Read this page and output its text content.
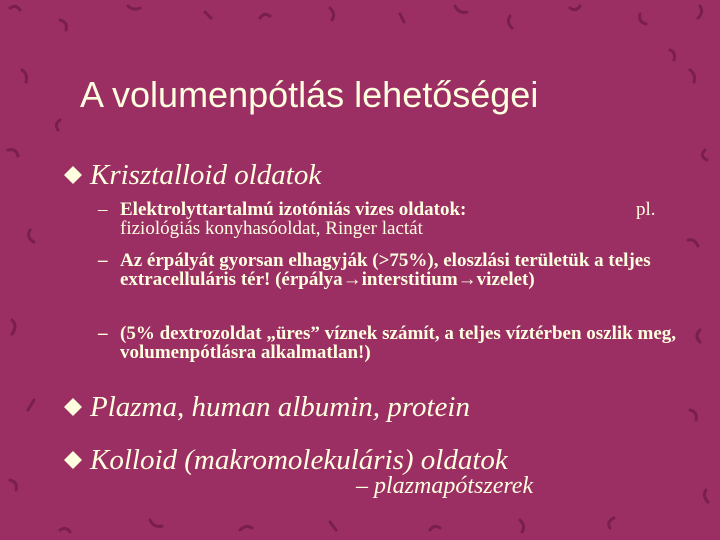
A volumenpótlás lehetőségei
Krisztalloid oldatok
pl.
– Elektrolyttartalmú izotóniás vizes oldatok:
fiziológiás konyhasóoldat, Ringer lactát
– Az érpályát gyorsan elhagyják (>75%), eloszlási területük a teljes extracelluláris tér! (érpálya→interstitium→vizelet)
– (5% dextrozoldat „üres” víznek számít, a teljes víztérben oszlik meg, volumenpótlásra alkalmatlan!)
Plazma, human albumin, protein
Kolloid (makromolekuláris) oldatok
– plazmapótszerek
